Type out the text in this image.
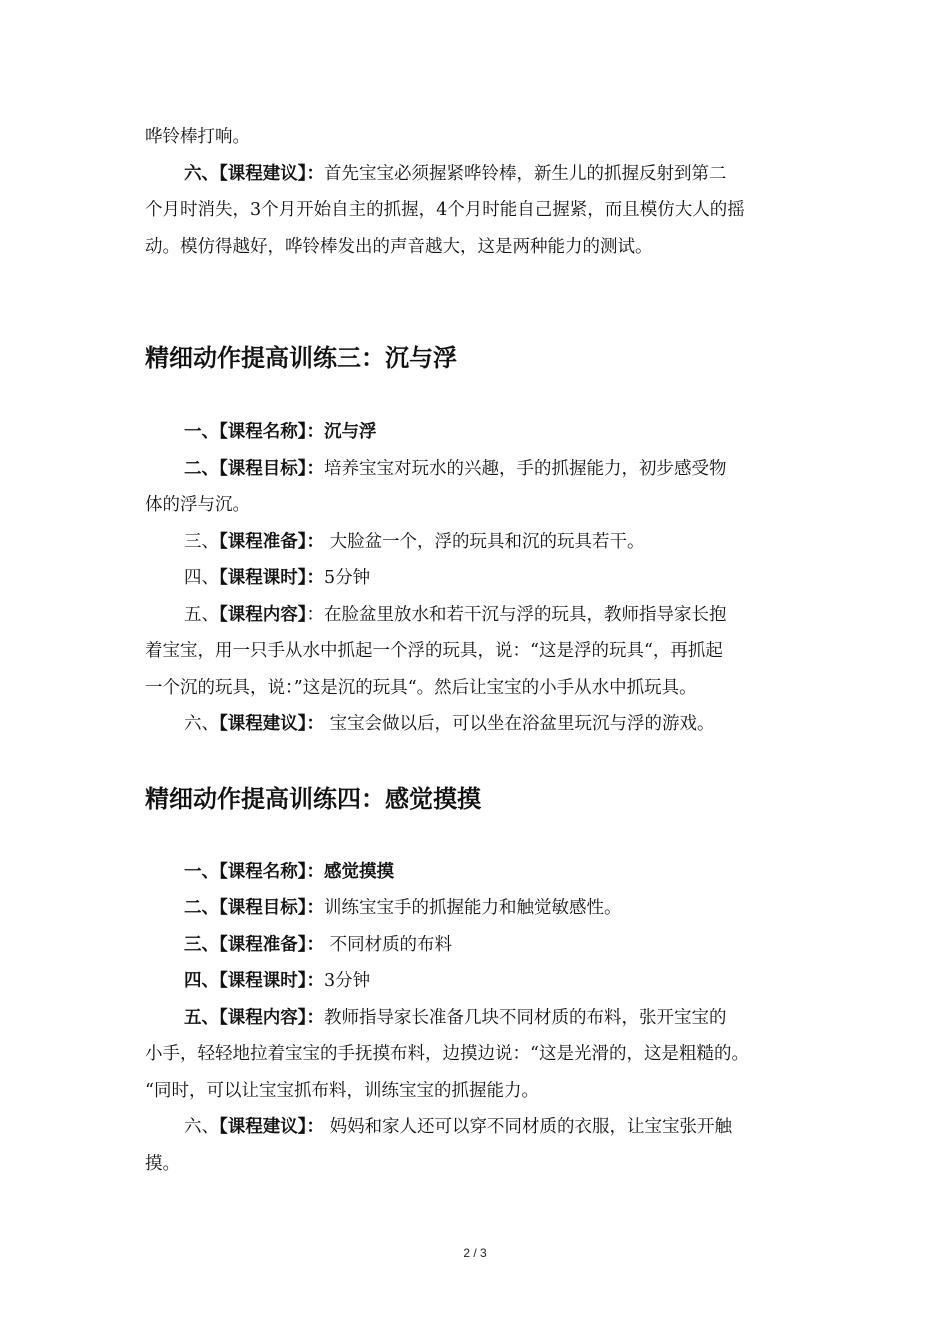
哗铃棒打响。
六、【课程建议】：首先宝宝必须握紧哗铃棒，新生儿的抓握反射到第二
个月时消失，3个月开始自主的抓握，4个月时能自己握紧，而且模仿大人的摇
动。模仿得越好，哗铃棒发出的声音越大，这是两种能力的测试。
精细动作提高训练三：沉与浮
一、【课程名称】：沉与浮
二、【课程目标】：培养宝宝对玩水的兴趣，手的抓握能力，初步感受物
体的浮与沉。
三、【课程准备】： 大脸盆一个，浮的玩具和沉的玩具若干。
四、【课程课时】：5分钟
五、【课程内容】：在脸盆里放水和若干沉与浮的玩具，教师指导家长抱
着宝宝，用一只手从水中抓起一个浮的玩具，说：“这是浮的玩具“，再抓起
一个沉的玩具，说：”这是沉的玩具“。然后让宝宝的小手从水中抓玩具。
六、【课程建议】： 宝宝会做以后，可以坐在浴盆里玩沉与浮的游戏。
精细动作提高训练四：感觉摸摸
一、【课程名称】：感觉摸摸
二、【课程目标】：训练宝宝手的抓握能力和触觉敏感性。
三、【课程准备】： 不同材质的布料
四、【课程课时】：3分钟
五、【课程内容】：教师指导家长准备几块不同材质的布料，张开宝宝的
小手，轻轻地拉着宝宝的手抚摸布料，边摸边说：“这是光滑的，这是粗糙的。
“同时，可以让宝宝抓布料，训练宝宝的抓握能力。
六、【课程建议】： 妈妈和家人还可以穿不同材质的衣服，让宝宝张开触
摸。
2 / 3
